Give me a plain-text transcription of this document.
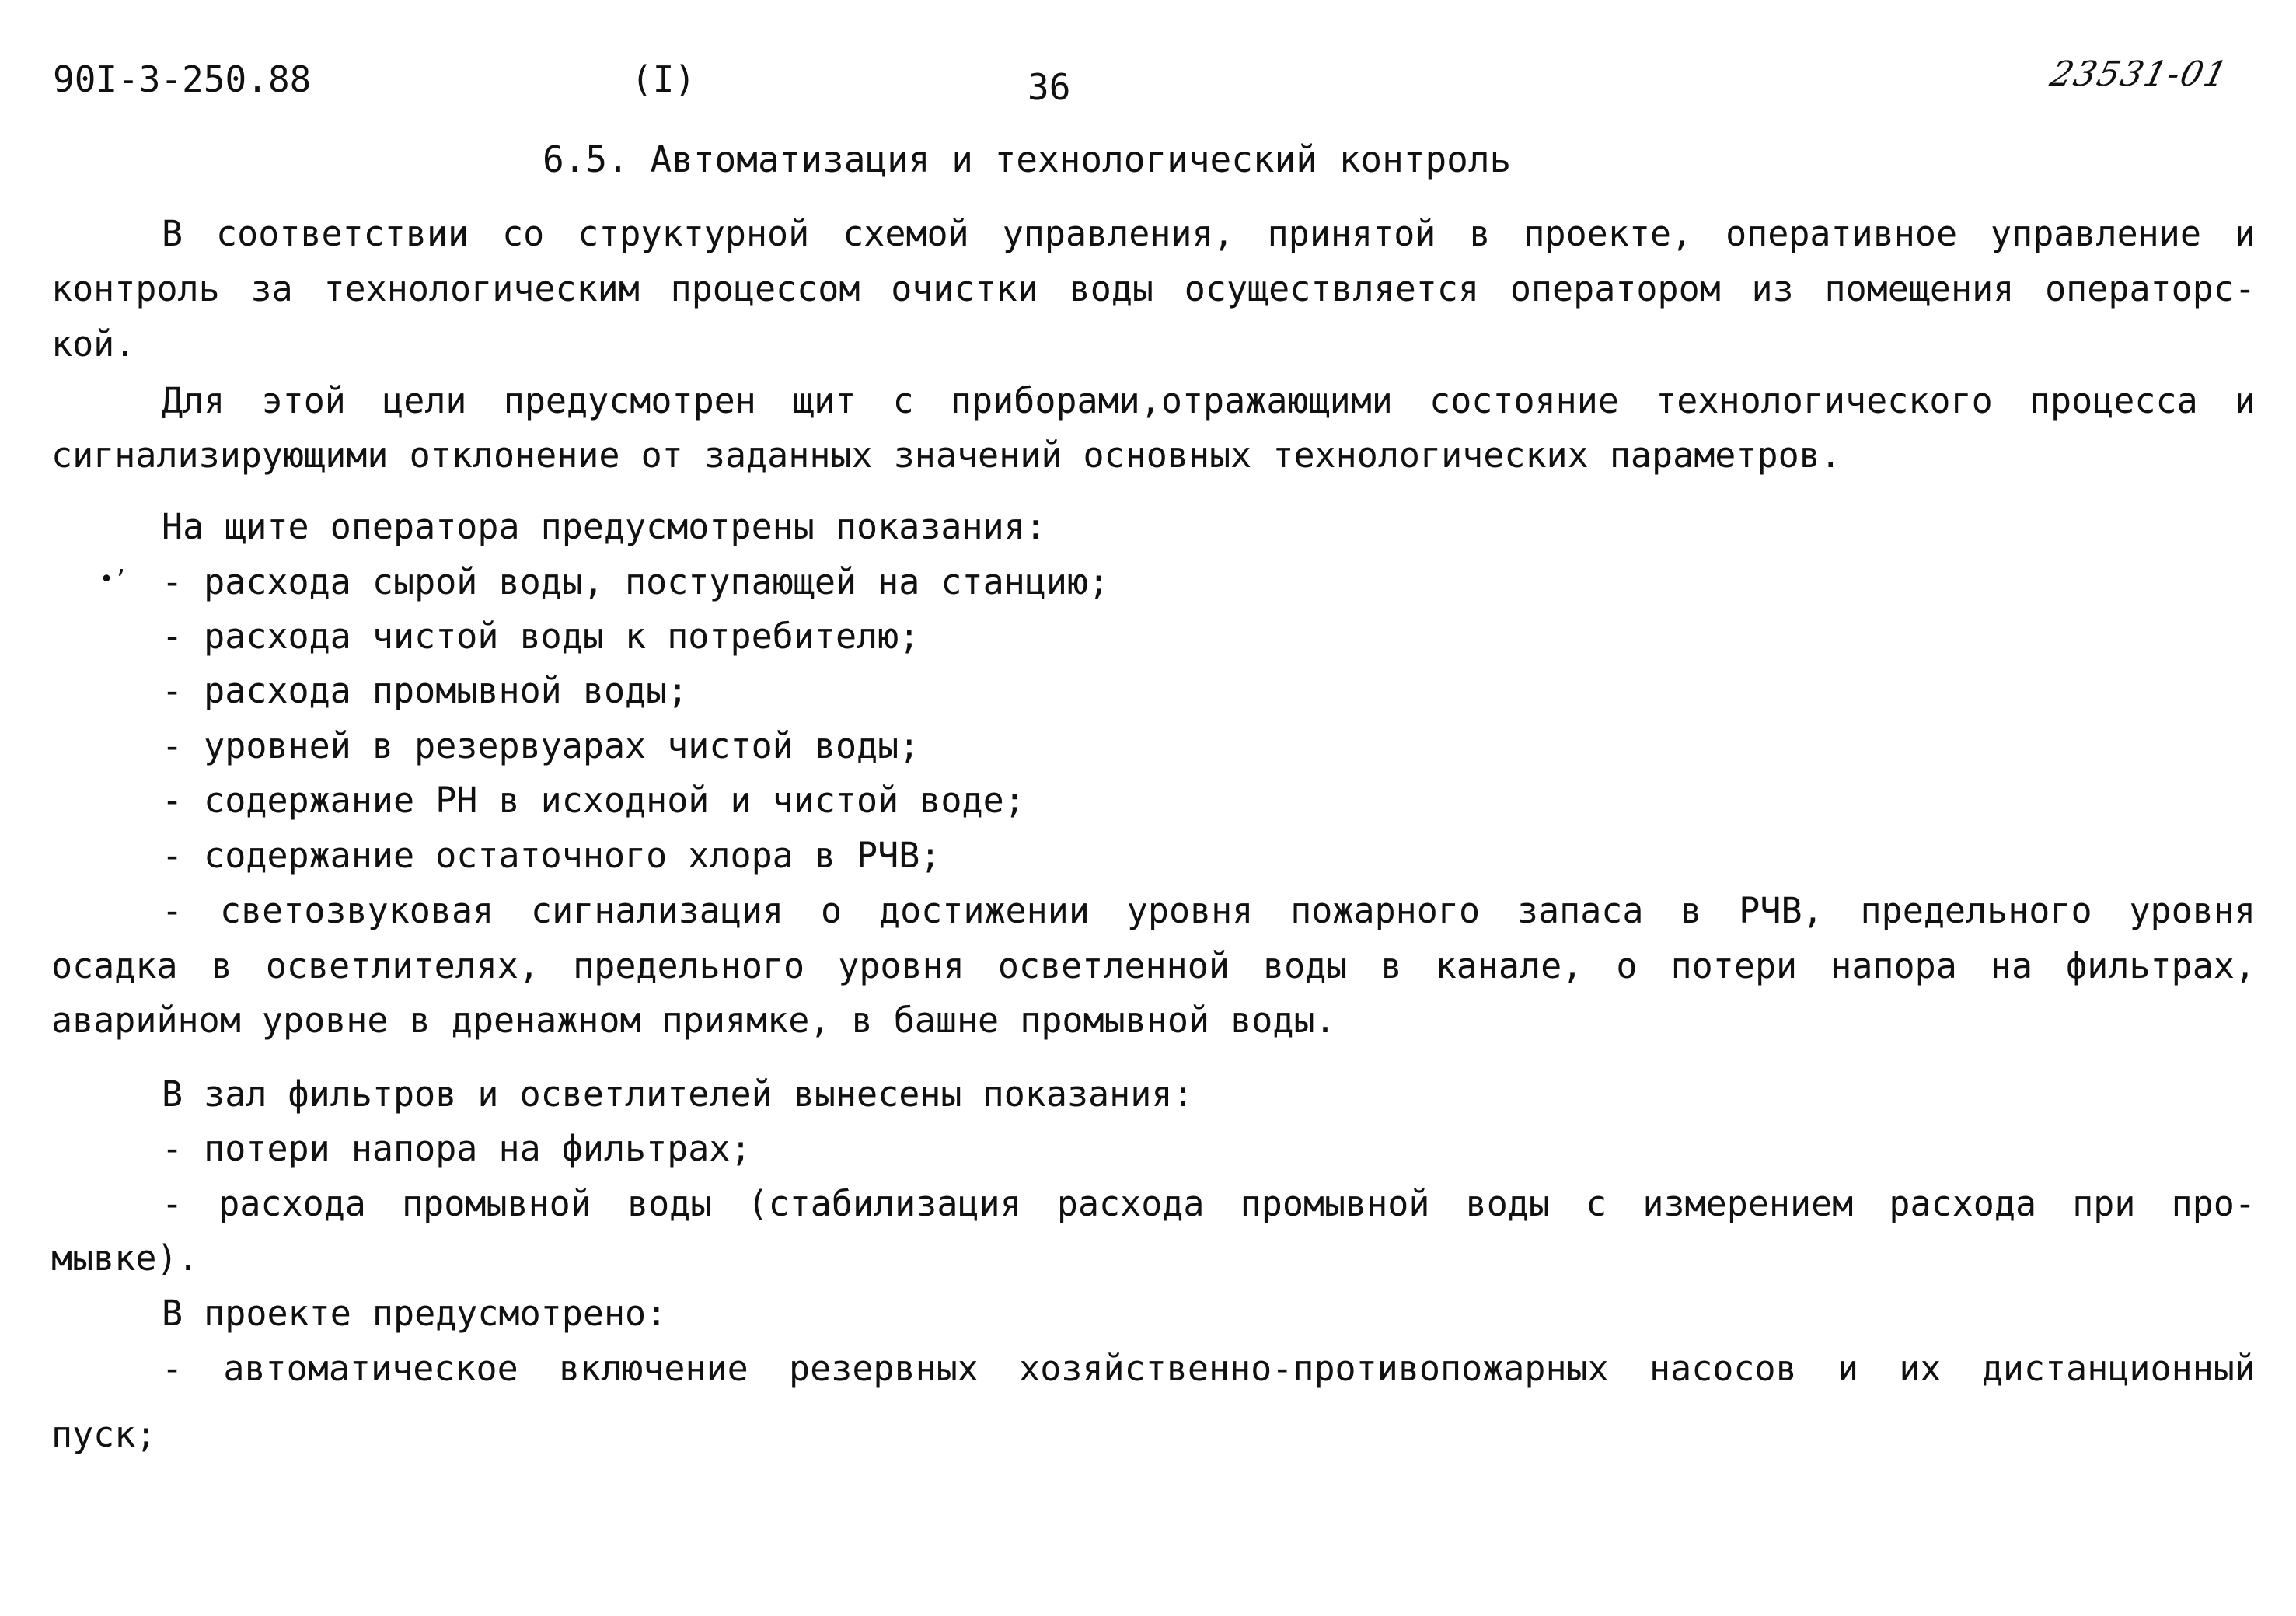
90I-3-250.88	(I)	36	23531-01
6.5. Автоматизация и технологический контроль
В соответствии со структурной схемой управления, принятой в проекте, оперативное управление и
контроль за технологическим процессом очистки воды осуществляется оператором из помещения операторс-
кой.
Для этой цели предусмотрен щит с приборами,отражающими состояние технологического процесса и
сигнализирующими отклонение от заданных значений основных технологических параметров.
На щите оператора предусмотрены показания:
•’ - расхода сырой воды, поступающей на станцию;
- расхода чистой воды к потребителю;
- расхода промывной воды;
- уровней в резервуарах чистой воды;
- содержание РН в исходной и чистой воде;
- содержание остаточного хлора в РЧВ;
- светозвуковая сигнализация о достижении уровня пожарного запаса в РЧВ, предельного уровня
осадка в осветлителях, предельного уровня осветленной воды в канале, о потери напора на фильтрах,
аварийном уровне в дренажном приямке, в башне промывной воды.
В зал фильтров и осветлителей вынесены показания:
- потери напора на фильтрах;
- расхода промывной воды (стабилизация расхода промывной воды с измерением расхода при про-
мывке).
В проекте предусмотрено:
- автоматическое включение резервных хозяйственно-противопожарных насосов и их дистанционный
пуск;
